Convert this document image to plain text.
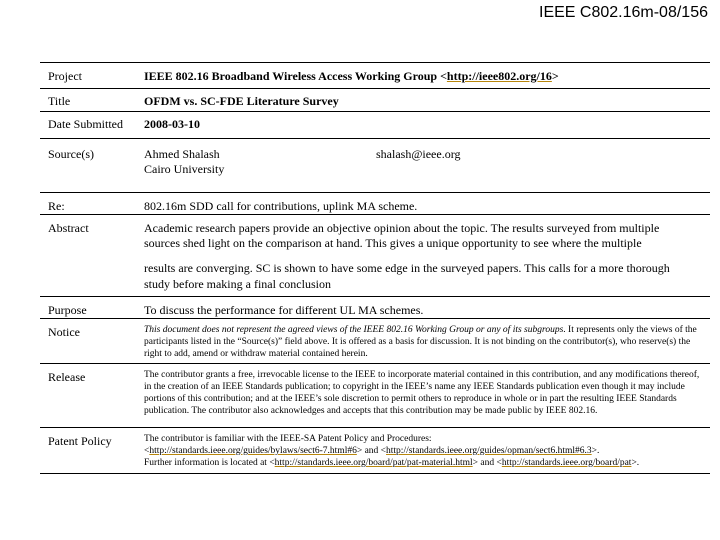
IEEE C802.16m-08/156
Project	IEEE 802.16 Broadband Wireless Access Working Group <http://ieee802.org/16>
Title	OFDM vs. SC-FDE Literature Survey
Date Submitted	2008-03-10
Source(s)	Ahmed Shalash
Cairo University
shalash@ieee.org

Re:	802.16m SDD call for contributions, uplink MA scheme.
Abstract	Academic research papers provide an objective opinion about the topic. The results surveyed from multiple sources shed light on the comparison at hand. This gives a unique opportunity to see where the multiple
results are converging. SC is shown to have some edge in the surveyed papers. This calls for a more thorough study before making a final conclusion

Purpose	To discuss the performance for different UL MA schemes.
Notice	This document does not represent the agreed views of the IEEE 802.16 Working Group or any of its subgroups. It represents only the views of the participants listed in the “Source(s)” field above. It is offered as a basis for discussion. It is not binding on the contributor(s), who reserve(s) the right to add, amend or withdraw material contained herein.
Release	The contributor grants a free, irrevocable license to the IEEE to incorporate material contained in this contribution, and any modifications thereof, in the creation of an IEEE Standards publication; to copyright in the IEEE’s name any IEEE Standards publication even though it may include portions of this contribution; and at the IEEE’s sole discretion to permit others to reproduce in whole or in part the resulting IEEE Standards publication. The contributor also acknowledges and accepts that this contribution may be made public by IEEE 802.16.
Patent Policy	The contributor is familiar with the IEEE-SA Patent Policy and Procedures:
<http://standards.ieee.org/guides/bylaws/sect6-7.html#6> and <http://standards.ieee.org/guides/opman/sect6.html#6.3>.
Further information is located at <http://standards.ieee.org/board/pat/pat-material.html> and <http://standards.ieee.org/board/pat>.
